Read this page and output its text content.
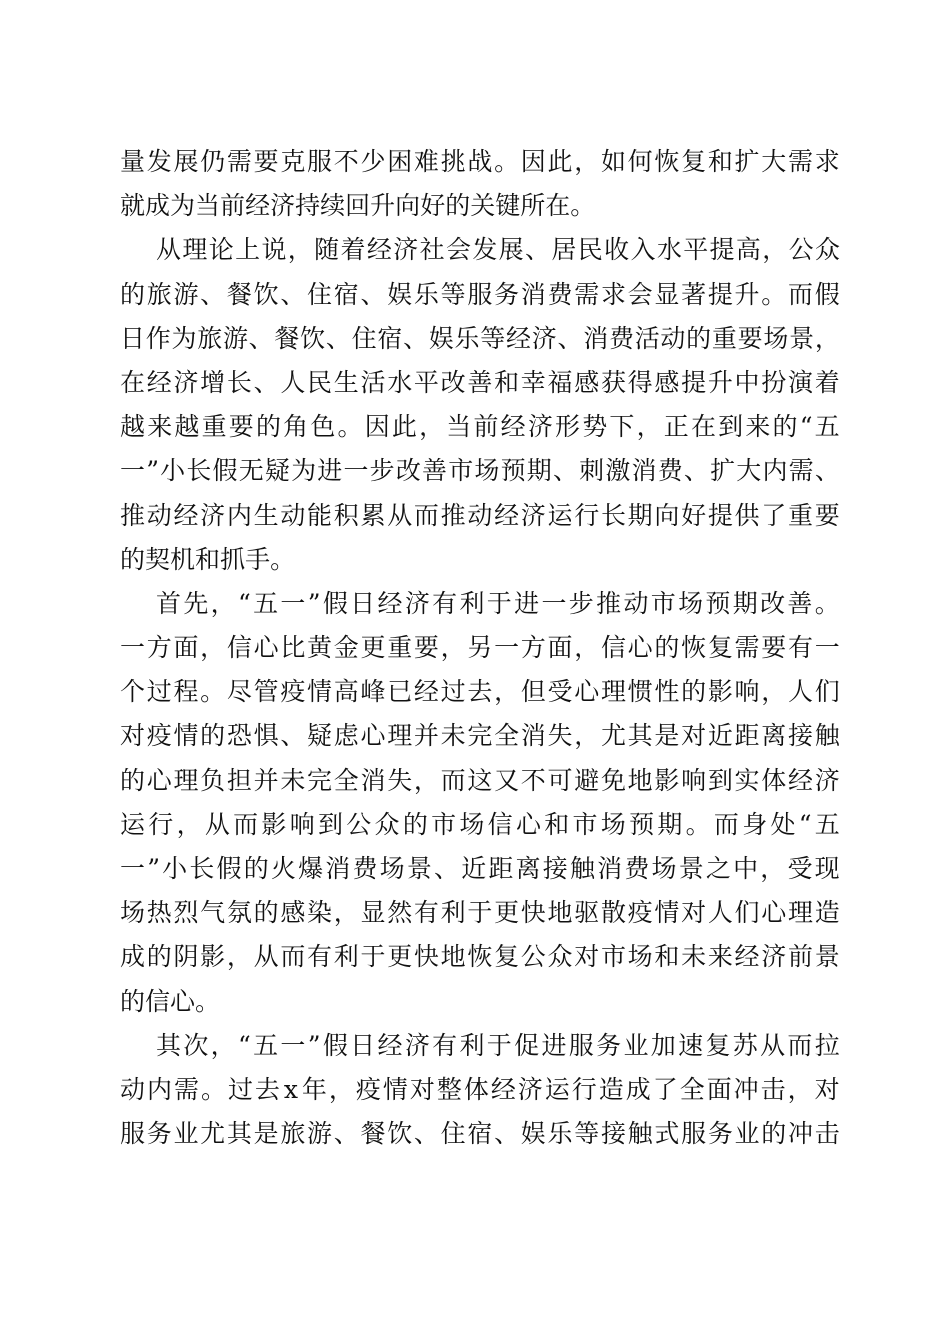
量 发 展 仍 需 要 克 服 不 少 困 难 挑 战 。 因 此 ， 如 何 恢 复 和 扩 大 需 求
就 成 为 当 前 经 济 持 续 回 升 向 好 的 关 键 所 在 。
从 理 论 上 说 ， 随 着 经 济 社 会 发 展 、 居 民 收 入 水 平 提 高 ， 公 众
的 旅 游 、 餐 饮 、 住 宿 、 娱 乐 等 服 务 消 费 需 求 会 显 著 提 升 。 而 假
日 作 为 旅 游 、 餐 饮 、 住 宿 、 娱 乐 等 经 济 、 消 费 活 动 的 重 要 场 景 ，
在 经 济 增 长 、 人 民 生 活 水 平 改 善 和 幸 福 感 获 得 感 提 升 中 扮 演 着
越 来 越 重 要 的 角 色 。 因 此 ， 当 前 经 济 形 势 下 ， 正 在 到 来 的 “ 五
一 ” 小 长 假 无 疑 为 进 一 步 改 善 市 场 预 期 、 刺 激 消 费 、 扩 大 内 需 、
推 动 经 济 内 生 动 能 积 累 从 而 推 动 经 济 运 行 长 期 向 好 提 供 了 重 要
的 契 机 和 抓 手 。
首 先 ， “ 五 一 ” 假 日 经 济 有 利 于 进 一 步 推 动 市 场 预 期 改 善 。
一 方 面 ， 信 心 比 黄 金 更 重 要 ， 另 一 方 面 ， 信 心 的 恢 复 需 要 有 一
个 过 程 。 尽 管 疫 情 高 峰 已 经 过 去 ， 但 受 心 理 惯 性 的 影 响 ， 人 们
对 疫 情 的 恐 惧 、 疑 虑 心 理 并 未 完 全 消 失 ， 尤 其 是 对 近 距 离 接 触
的 心 理 负 担 并 未 完 全 消 失 ， 而 这 又 不 可 避 免 地 影 响 到 实 体 经 济
运 行 ， 从 而 影 响 到 公 众 的 市 场 信 心 和 市 场 预 期 。 而 身 处 “ 五
一 ” 小 长 假 的 火 爆 消 费 场 景 、 近 距 离 接 触 消 费 场 景 之 中 ， 受 现
场 热 烈 气 氛 的 感 染 ， 显 然 有 利 于 更 快 地 驱 散 疫 情 对 人 们 心 理 造
成 的 阴 影 ， 从 而 有 利 于 更 快 地 恢 复 公 众 对 市 场 和 未 来 经 济 前 景
的 信 心 。
其 次 ， “ 五 一 ” 假 日 经 济 有 利 于 促 进 服 务 业 加 速 复 苏 从 而 拉
动 内 需 。 过 去 x 年 ， 疫 情 对 整 体 经 济 运 行 造 成 了 全 面 冲 击 ， 对
服 务 业 尤 其 是 旅 游 、 餐 饮 、 住 宿 、 娱 乐 等 接 触 式 服 务 业 的 冲 击
